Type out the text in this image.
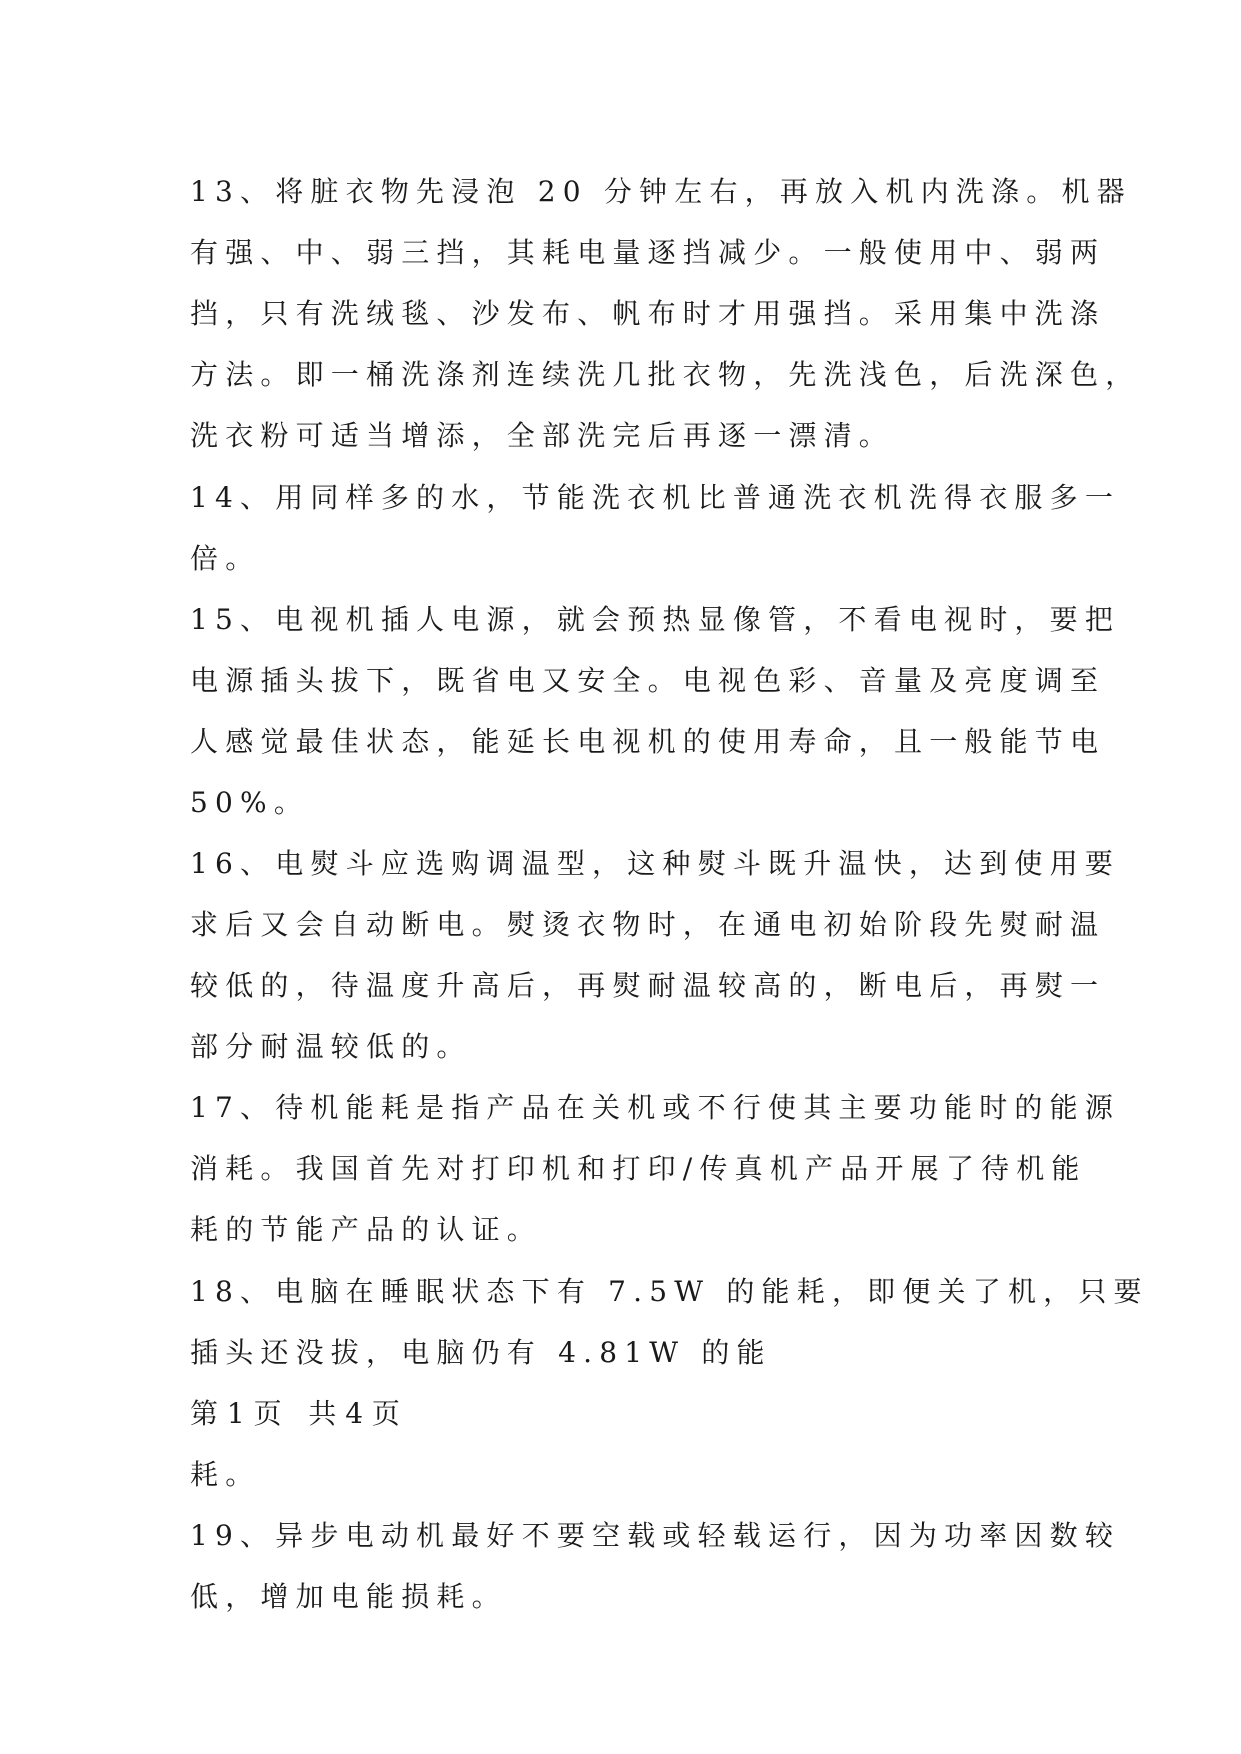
13、将脏衣物先浸泡 20 分钟左右，再放入机内洗涤。机器
有强、中、弱三挡，其耗电量逐挡减少。一般使用中、弱两
挡，只有洗绒毯、沙发布、帆布时才用强挡。采用集中洗涤
方法。即一桶洗涤剂连续洗几批衣物，先洗浅色，后洗深色，
洗衣粉可适当增添，全部洗完后再逐一漂清。
14、用同样多的水，节能洗衣机比普通洗衣机洗得衣服多一
倍。
15、电视机插人电源，就会预热显像管，不看电视时，要把
电源插头拔下，既省电又安全。电视色彩、音量及亮度调至
人感觉最佳状态，能延长电视机的使用寿命，且一般能节电
50%。
16、电熨斗应选购调温型，这种熨斗既升温快，达到使用要
求后又会自动断电。熨烫衣物时，在通电初始阶段先熨耐温
较低的，待温度升高后，再熨耐温较高的，断电后，再熨一
部分耐温较低的。
17、待机能耗是指产品在关机或不行使其主要功能时的能源
消耗。我国首先对打印机和打印/传真机产品开展了待机能
耗的节能产品的认证。
18、电脑在睡眠状态下有 7.5W 的能耗，即便关了机，只要
插头还没拔，电脑仍有 4.81W 的能
第 1 页   共 4 页
耗。
19、异步电动机最好不要空载或轻载运行，因为功率因数较
低，增加电能损耗。
